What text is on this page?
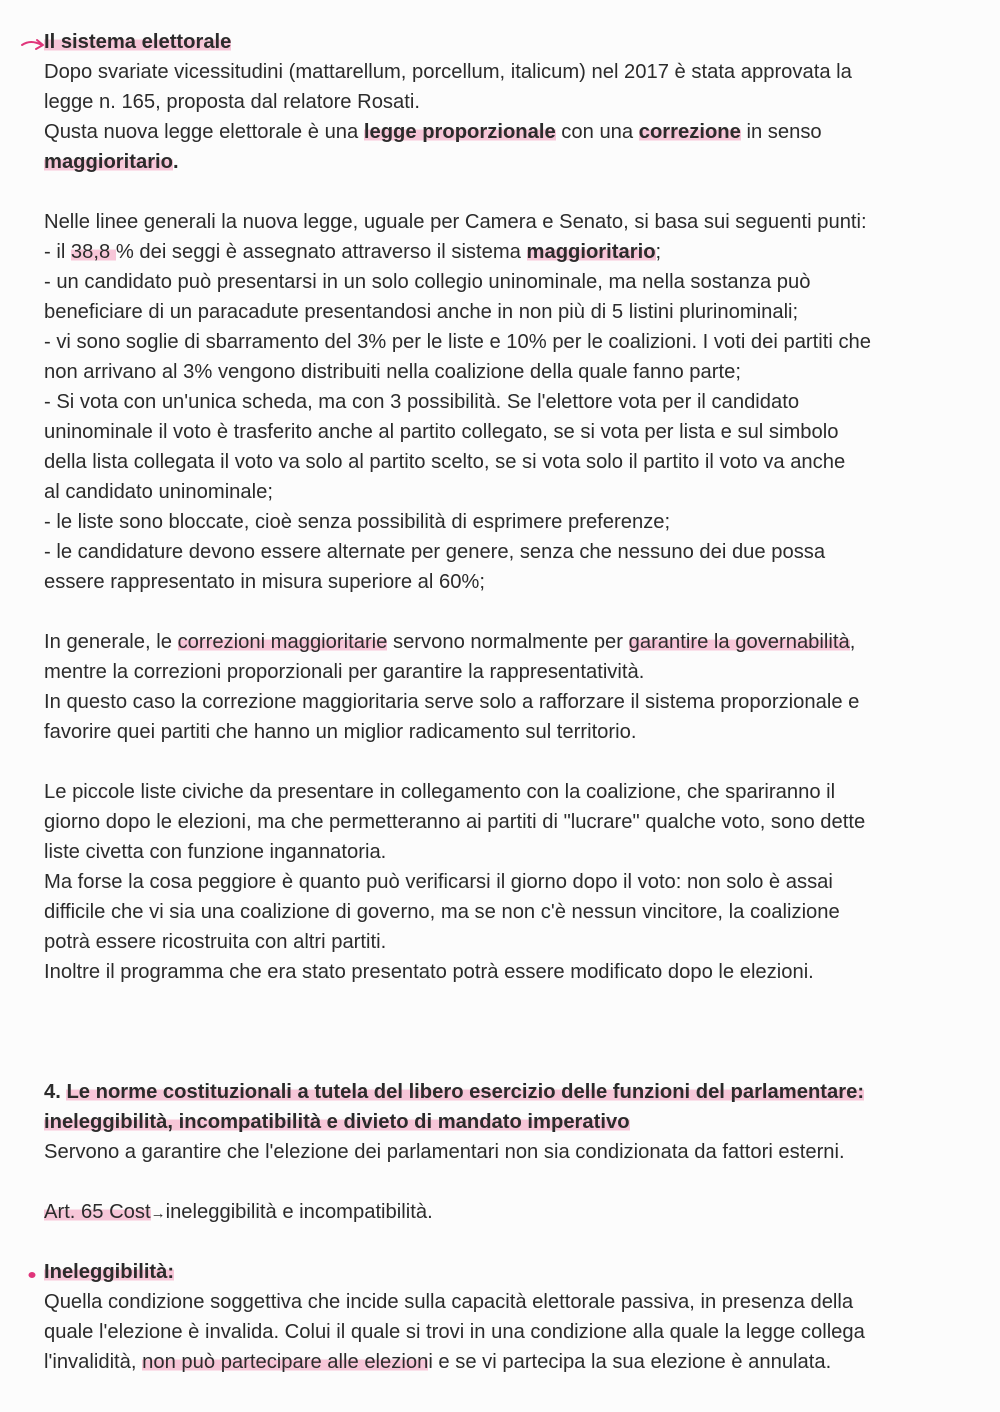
Il sistema elettorale
Dopo svariate vicessitudini (mattarellum, porcellum, italicum) nel 2017 è stata approvata la
legge n. 165, proposta dal relatore Rosati.
Qusta nuova legge elettorale è una legge proporzionale con una correzione in senso
maggioritario.
Nelle linee generali la nuova legge, uguale per Camera e Senato, si basa sui seguenti punti:
- il 38,8 % dei seggi è assegnato attraverso il sistema maggioritario;
- un candidato può presentarsi in un solo collegio uninominale, ma nella sostanza può
beneficiare di un paracadute presentandosi anche in non più di 5 listini plurinominali;
- vi sono soglie di sbarramento del 3% per le liste e 10% per le coalizioni. I voti dei partiti che
non arrivano al 3% vengono distribuiti nella coalizione della quale fanno parte;
- Si vota con un'unica scheda, ma con 3 possibilità. Se l'elettore vota per il candidato
uninominale il voto è trasferito anche al partito collegato, se si vota per lista e sul simbolo
della lista collegata il voto va solo al partito scelto, se si vota solo il partito il voto va anche
al candidato uninominale;
- le liste sono bloccate, cioè senza possibilità di esprimere preferenze;
- le candidature devono essere alternate per genere, senza che nessuno dei due possa
essere rappresentato in misura superiore al 60%;
In generale, le correzioni maggioritarie servono normalmente per garantire la governabilità,
mentre la correzioni proporzionali per garantire la rappresentatività.
In questo caso la correzione maggioritaria serve solo a rafforzare il sistema proporzionale e
favorire quei partiti che hanno un miglior radicamento sul territorio.
Le piccole liste civiche da presentare in collegamento con la coalizione, che spariranno il
giorno dopo le elezioni, ma che permetteranno ai partiti di "lucrare" qualche voto, sono dette
liste civetta con funzione ingannatoria.
Ma forse la cosa peggiore è quanto può verificarsi il giorno dopo il voto: non solo è assai
difficile che vi sia una coalizione di governo, ma se non c'è nessun vincitore, la coalizione
potrà essere ricostruita con altri partiti.
Inoltre il programma che era stato presentato potrà essere modificato dopo le elezioni.
4. Le norme costituzionali a tutela del libero esercizio delle funzioni del parlamentare:
ineleggibilità, incompatibilità e divieto di mandato imperativo
Servono a garantire che l'elezione dei parlamentari non sia condizionata da fattori esterni.
Art. 65 Cost→ineleggibilità e incompatibilità.
Ineleggibilità:
Quella condizione soggettiva che incide sulla capacità elettorale passiva, in presenza della
quale l'elezione è invalida. Colui il quale si trovi in una condizione alla quale la legge collega
l'invalidità, non può partecipare alle elezioni e se vi partecipa la sua elezione è annulata.
